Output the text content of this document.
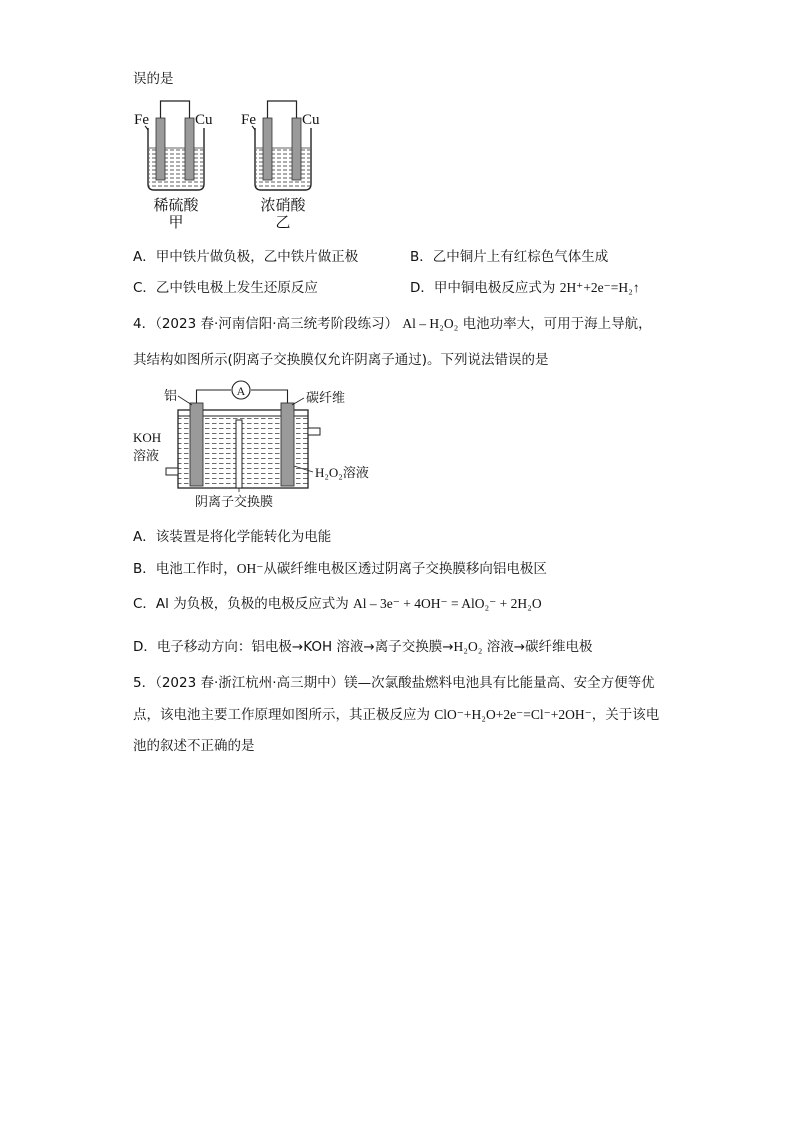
误的是
Fe	Cu
稀硫酸
甲
Fe	Cu
浓硝酸
乙
A．甲中铁片做负极，乙中铁片做正极	B．乙中铜片上有红棕色气体生成
C．乙中铁电极上发生还原反应	D．甲中铜电极反应式为 2H⁺+2e⁻=H₂↑
4．（2023 春·河南信阳·高三统考阶段练习） Al – H₂O₂ 电池功率大，可用于海上导航，
其结构如图所示(阴离子交换膜仅允许阴离子通过)。下列说法错误的是
A
铝	碳纤维
KOH
溶液
H₂O₂溶液
阴离子交换膜
A．该装置是将化学能转化为电能
B．电池工作时，OH⁻从碳纤维电极区透过阴离子交换膜移向铝电极区
C．Al 为负极，负极的电极反应式为 Al – 3e⁻ + 4OH⁻ = AlO₂⁻ + 2H₂O
D．电子移动方向：铝电极→KOH 溶液→离子交换膜→H₂O₂ 溶液→碳纤维电极
5．（2023 春·浙江杭州·高三期中）镁—次氯酸盐燃料电池具有比能量高、安全方便等优
点，该电池主要工作原理如图所示，其正极反应为 ClO⁻+H₂O+2e⁻=Cl⁻+2OH⁻，关于该电
池的叙述不正确的是
